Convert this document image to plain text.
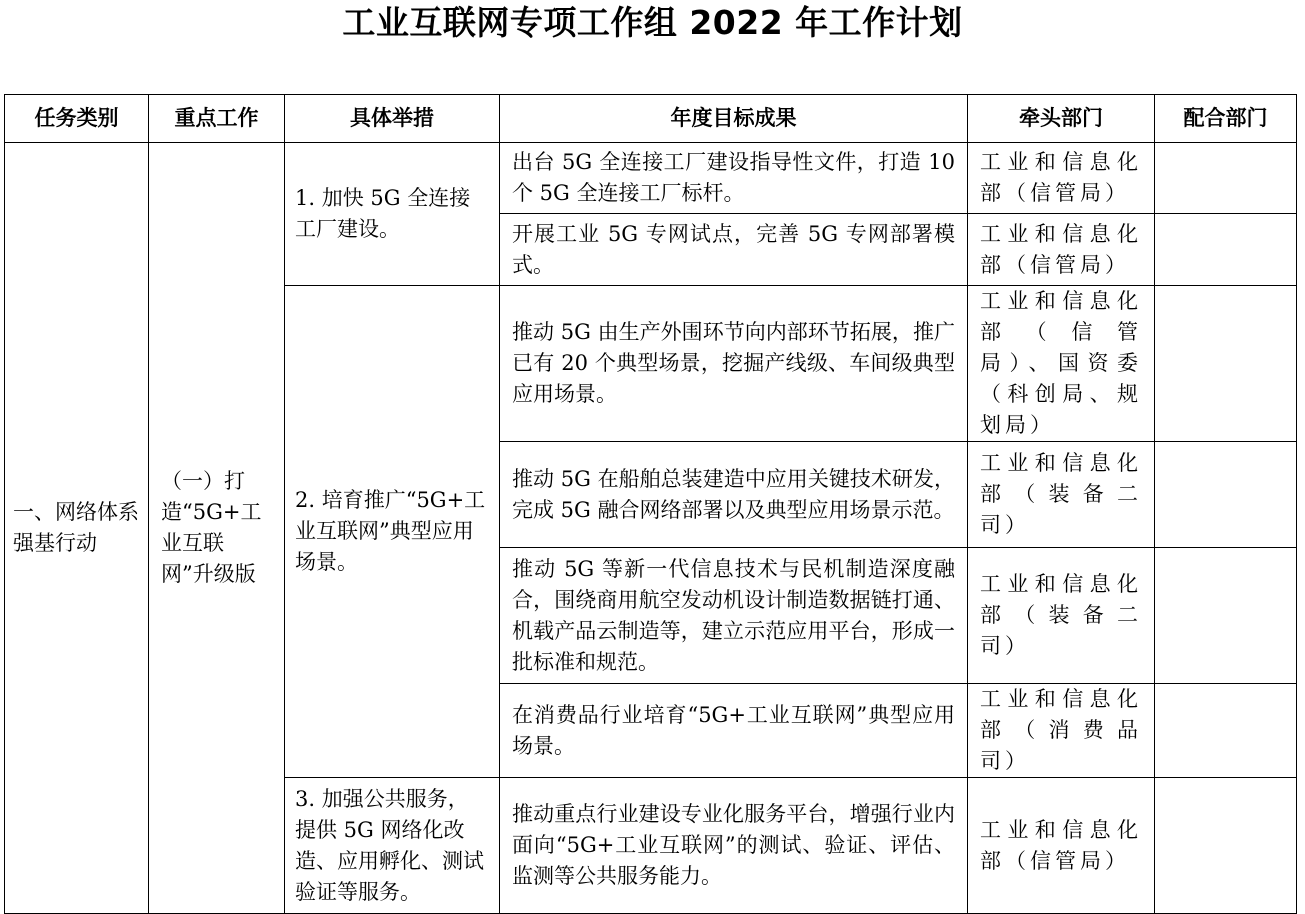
工业互联网专项工作组 2022 年工作计划
任务类别	重点工作	具体举措	年度目标成果	牵头部门	配合部门
一、网络体系强基行动	（一）打造“5G+工业互联网”升级版	1. 加快 5G 全连接工厂建设。	出台 5G 全连接工厂建设指导性文件，打造 10 个 5G 全连接工厂标杆。	工业和信息化部（信管局）	
			开展工业 5G 专网试点，完善 5G 专网部署模式。	工业和信息化部（信管局）	
		2. 培育推广“5G+工业互联网”典型应用场景。	推动 5G 由生产外围环节向内部环节拓展，推广已有 20 个典型场景，挖掘产线级、车间级典型应用场景。	工业和信息化部（信管局）、国资委（科创局、规划局）	
			推动 5G 在船舶总装建造中应用关键技术研发，完成 5G 融合网络部署以及典型应用场景示范。	工业和信息化部（装备二司）	
			推动 5G 等新一代信息技术与民机制造深度融合，围绕商用航空发动机设计制造数据链打通、机载产品云制造等，建立示范应用平台，形成一批标准和规范。	工业和信息化部（装备二司）	
			在消费品行业培育“5G+工业互联网”典型应用场景。	工业和信息化部（消费品司）	
		3. 加强公共服务，提供 5G 网络化改造、应用孵化、测试验证等服务。	推动重点行业建设专业化服务平台，增强行业内面向“5G+工业互联网”的测试、验证、评估、监测等公共服务能力。	工业和信息化部（信管局）	
